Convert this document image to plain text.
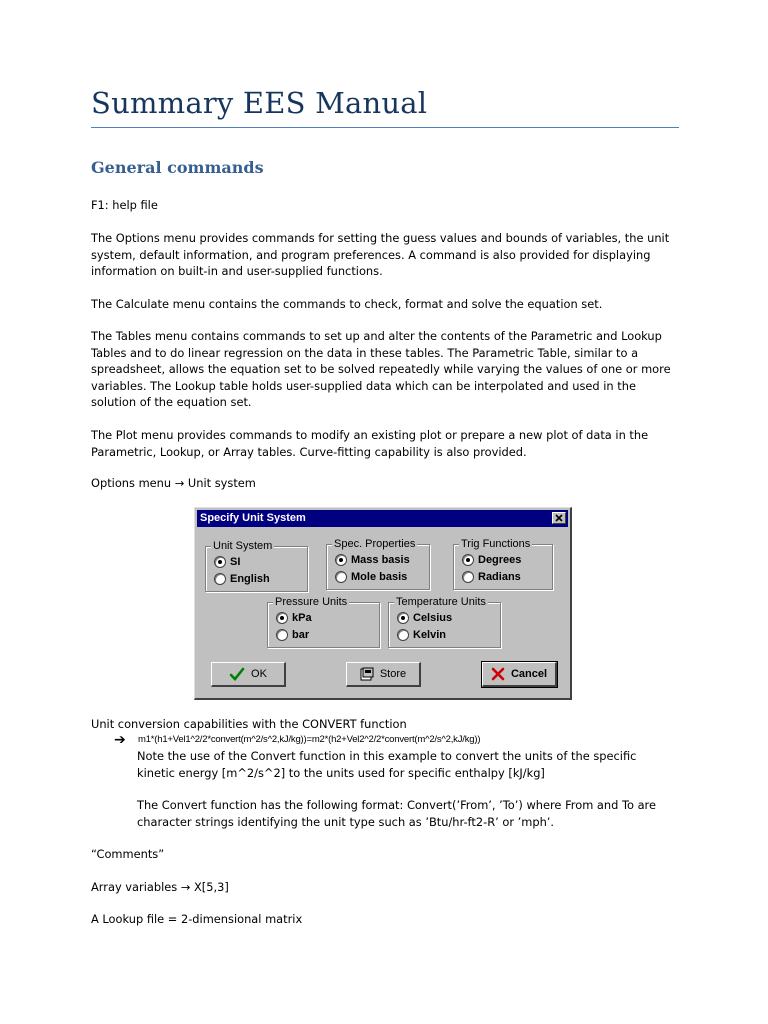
Summary EES Manual
General commands

F1: help file

The Options menu provides commands for setting the guess values and bounds of variables, the unit system, default information, and program preferences. A command is also provided for displaying information on built-in and user-supplied functions.

The Calculate menu contains the commands to check, format and solve the equation set.

The Tables menu contains commands to set up and alter the contents of the Parametric and Lookup Tables and to do linear regression on the data in these tables. The Parametric Table, similar to a spreadsheet, allows the equation set to be solved repeatedly while varying the values of one or more variables. The Lookup table holds user-supplied data which can be interpolated and used in the solution of the equation set.

The Plot menu provides commands to modify an existing plot or prepare a new plot of data in the Parametric, Lookup, or Array tables. Curve-fitting capability is also provided.

Options menu → Unit system

Specify Unit System
Unit System
SI
English
Spec. Properties
Mass basis
Mole basis
Trig Functions
Degrees
Radians
Pressure Units
kPa
bar
Temperature Units
Celsius
Kelvin
OK	Store	Cancel

Unit conversion capabilities with the CONVERT function

➔ m1*(h1+Vel1^2/2*convert(m^2/s^2,kJ/kg))=m2*(h2+Vel2^2/2*convert(m^2/s^2,kJ/kg))

Note the use of the Convert function in this example to convert the units of the specific kinetic energy [m^2/s^2] to the units used for specific enthalpy [kJ/kg]

The Convert function has the following format: Convert(’From’, ’To’) where From and To are character strings identifying the unit type such as ’Btu/hr-ft2-R’ or ’mph’.

“Comments”

Array variables → X[5,3]

A Lookup file = 2-dimensional matrix
